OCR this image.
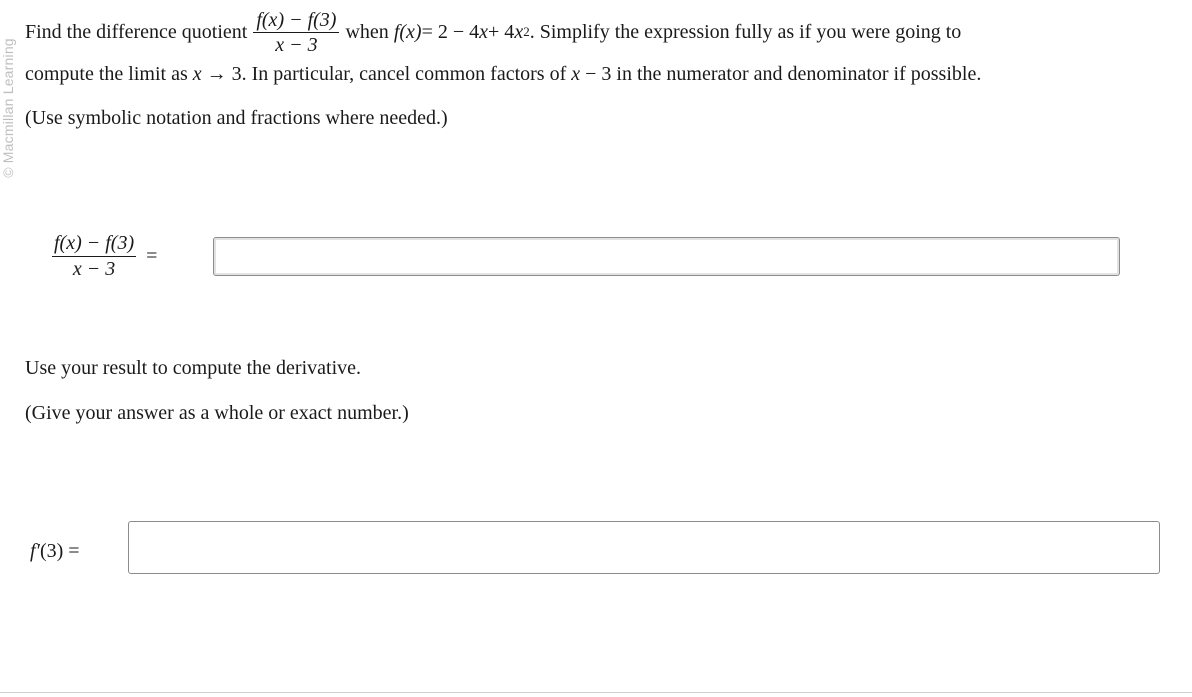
© Macmillan Learning
Find the difference quotient $\frac{f(x) - f(3)}{x - 3}$ when
f(x) = 2 − 4 x + 4 x 2 . Simplify the expression fully as if you were going to
compute the limit as x → 3. In particular, cancel common factors of x − 3 in the numerator and denominator if possible.
(Use symbolic notation and fractions where needed.)
$\frac{f(x) - f(3)}{x - 3}$ =
Use your result to compute the derivative.
(Give your answer as a whole or exact number.)
f′(3) =
